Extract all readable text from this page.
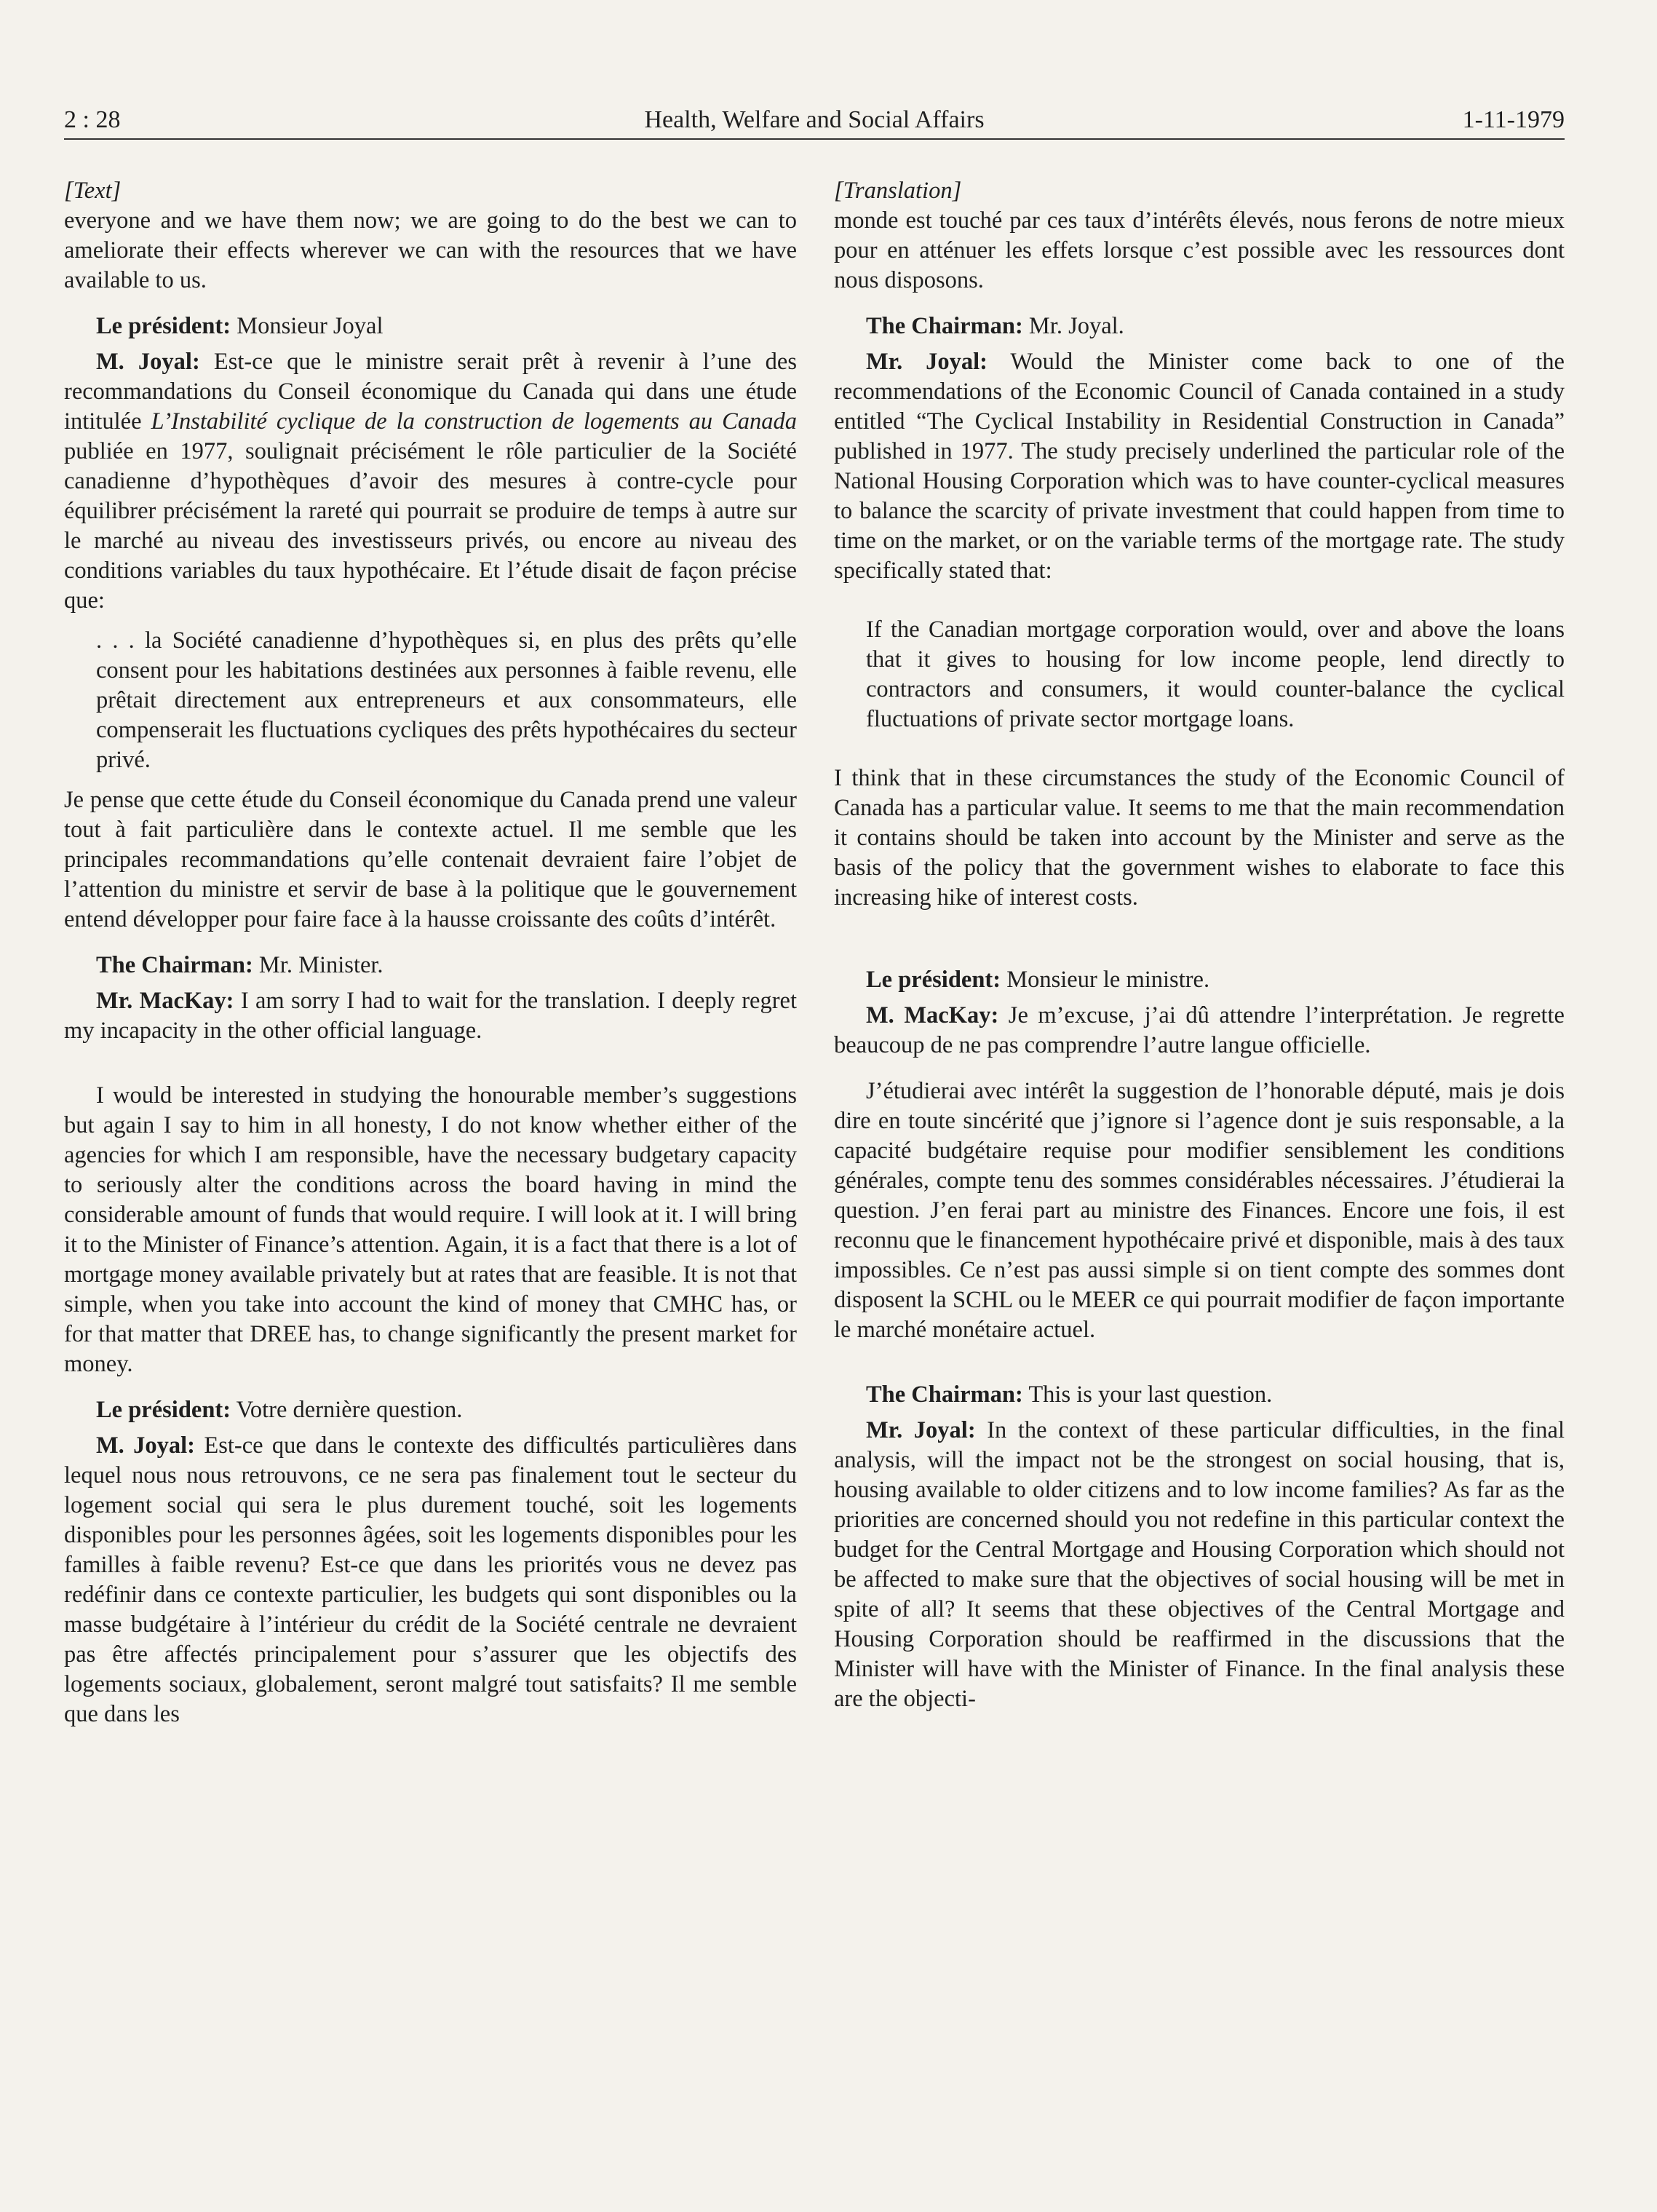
Health, Welfare and Social Affairs
2 : 28	1-11-1979

[Text]

everyone and we have them now; we are going to do the best we can to ameliorate their effects wherever we can with the resources that we have available to us.

Le président: Monsieur Joyal

M. Joyal: Est-ce que le ministre serait prêt à revenir à l’une des recommandations du Conseil économique du Canada qui dans une étude intitulée L’Instabilité cyclique de la construction de logements au Canada publiée en 1977, soulignait précisément le rôle particulier de la Société canadienne d’hypothèques d’avoir des mesures à contre-cycle pour équilibrer précisément la rareté qui pourrait se produire de temps à autre sur le marché au niveau des investisseurs privés, ou encore au niveau des conditions variables du taux hypothécaire. Et l’étude disait de façon précise que:

. . . la Société canadienne d’hypothèques si, en plus des prêts qu’elle consent pour les habitations destinées aux personnes à faible revenu, elle prêtait directement aux entrepreneurs et aux consommateurs, elle compenserait les fluctuations cycliques des prêts hypothécaires du secteur privé.

Je pense que cette étude du Conseil économique du Canada prend une valeur tout à fait particulière dans le contexte actuel. Il me semble que les principales recommandations qu’elle contenait devraient faire l’objet de l’attention du ministre et servir de base à la politique que le gouvernement entend développer pour faire face à la hausse croissante des coûts d’intérêt.

The Chairman: Mr. Minister.

Mr. MacKay: I am sorry I had to wait for the translation. I deeply regret my incapacity in the other official language.

I would be interested in studying the honourable member’s suggestions but again I say to him in all honesty, I do not know whether either of the agencies for which I am responsible, have the necessary budgetary capacity to seriously alter the conditions across the board having in mind the considerable amount of funds that would require. I will look at it. I will bring it to the Minister of Finance’s attention. Again, it is a fact that there is a lot of mortgage money available privately but at rates that are feasible. It is not that simple, when you take into account the kind of money that CMHC has, or for that matter that DREE has, to change significantly the present market for money.

Le président: Votre dernière question.

M. Joyal: Est-ce que dans le contexte des difficultés particulières dans lequel nous nous retrouvons, ce ne sera pas finalement tout le secteur du logement social qui sera le plus durement touché, soit les logements disponibles pour les personnes âgées, soit les logements disponibles pour les familles à faible revenu? Est-ce que dans les priorités vous ne devez pas redéfinir dans ce contexte particulier, les budgets qui sont disponibles ou la masse budgétaire à l’intérieur du crédit de la Société centrale ne devraient pas être affectés principalement pour s’assurer que les objectifs des logements sociaux, globalement, seront malgré tout satisfaits? Il me semble que dans les

[Translation]

monde est touché par ces taux d’intérêts élevés, nous ferons de notre mieux pour en atténuer les effets lorsque c’est possible avec les ressources dont nous disposons.

The Chairman: Mr. Joyal.

Mr. Joyal: Would the Minister come back to one of the recommendations of the Economic Council of Canada contained in a study entitled “The Cyclical Instability in Residential Construction in Canada” published in 1977. The study precisely underlined the particular role of the National Housing Corporation which was to have counter-cyclical measures to balance the scarcity of private investment that could happen from time to time on the market, or on the variable terms of the mortgage rate. The study specifically stated that:

If the Canadian mortgage corporation would, over and above the loans that it gives to housing for low income people, lend directly to contractors and consumers, it would counter-balance the cyclical fluctuations of private sector mortgage loans.

I think that in these circumstances the study of the Economic Council of Canada has a particular value. It seems to me that the main recommendation it contains should be taken into account by the Minister and serve as the basis of the policy that the government wishes to elaborate to face this increasing hike of interest costs.

Le président: Monsieur le ministre.

M. MacKay: Je m’excuse, j’ai dû attendre l’interprétation. Je regrette beaucoup de ne pas comprendre l’autre langue officielle.

J’étudierai avec intérêt la suggestion de l’honorable député, mais je dois dire en toute sincérité que j’ignore si l’agence dont je suis responsable, a la capacité budgétaire requise pour modifier sensiblement les conditions générales, compte tenu des sommes considérables nécessaires. J’étudierai la question. J’en ferai part au ministre des Finances. Encore une fois, il est reconnu que le financement hypothécaire privé et disponible, mais à des taux impossibles. Ce n’est pas aussi simple si on tient compte des sommes dont disposent la SCHL ou le MEER ce qui pourrait modifier de façon importante le marché monétaire actuel.

The Chairman: This is your last question.

Mr. Joyal: In the context of these particular difficulties, in the final analysis, will the impact not be the strongest on social housing, that is, housing available to older citizens and to low income families? As far as the priorities are concerned should you not redefine in this particular context the budget for the Central Mortgage and Housing Corporation which should not be affected to make sure that the objectives of social housing will be met in spite of all? It seems that these objectives of the Central Mortgage and Housing Corporation should be reaffirmed in the discussions that the Minister will have with the Minister of Finance. In the final analysis these are the objecti-
